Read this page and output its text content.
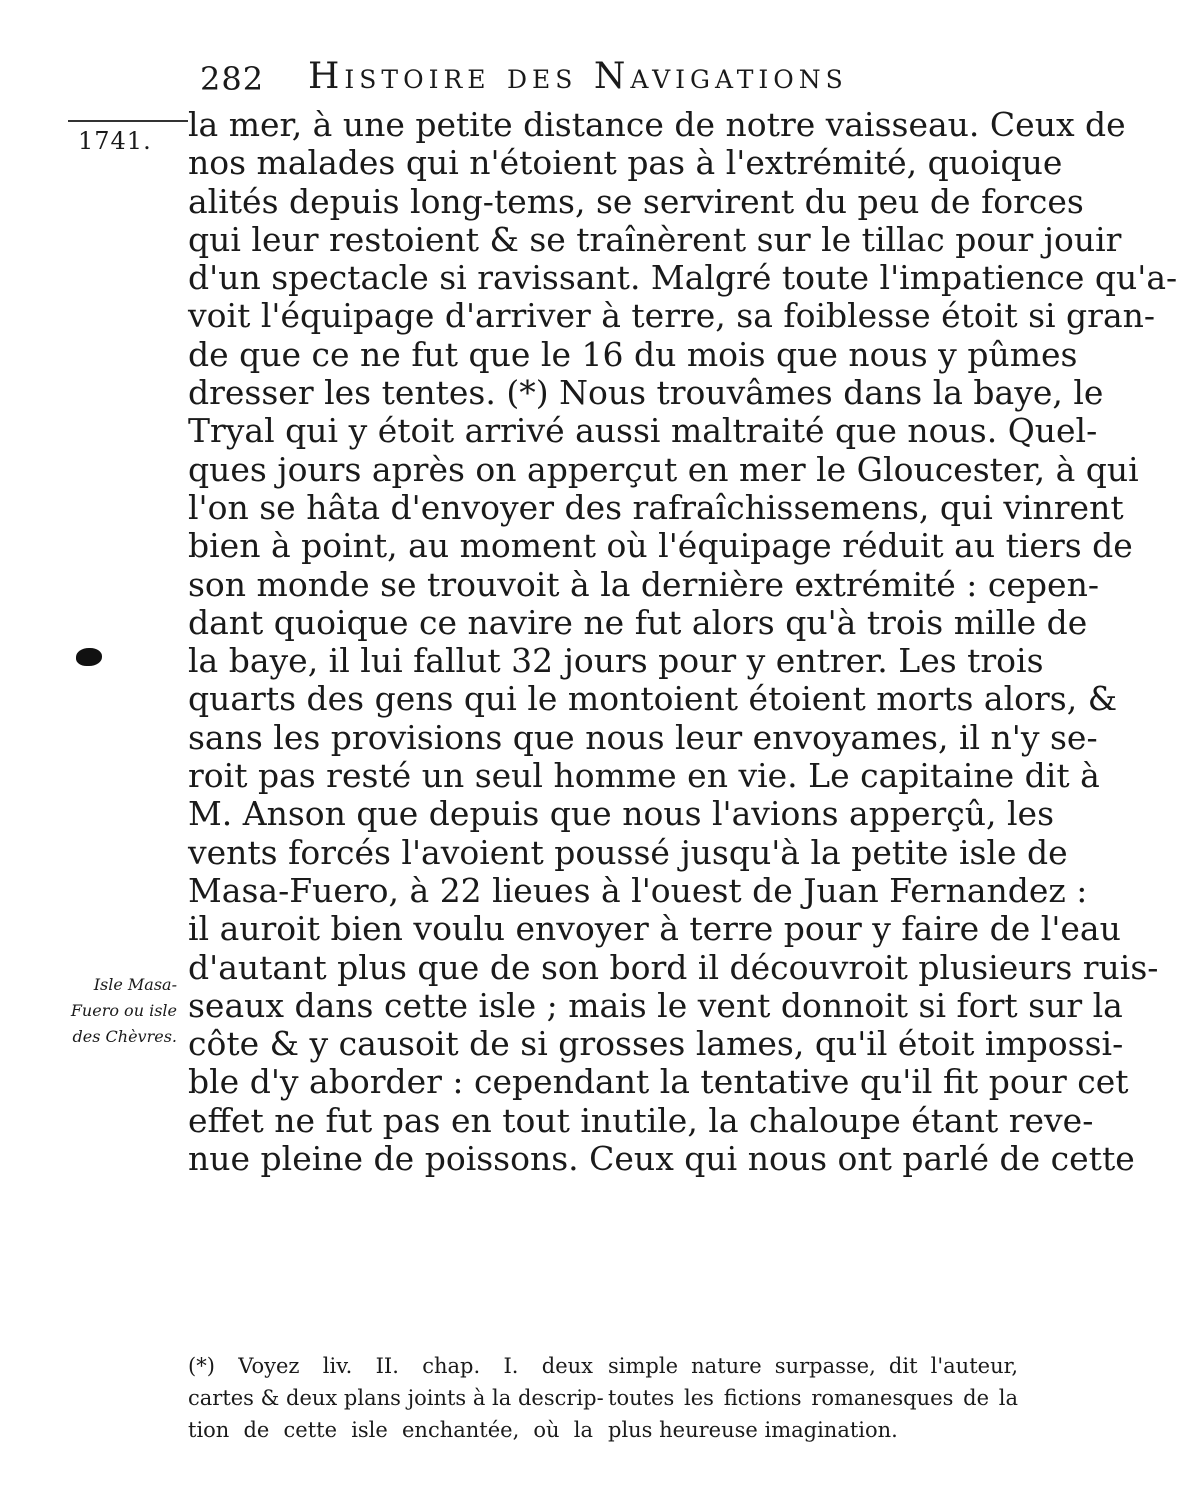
282 Histoire des Navigations
1741. la mer, à une petite distance de notre vaisseau. Ceux de
nos malades qui n'étoient pas à l'extrémité, quoique
alités depuis long-tems, se servirent du peu de forces
qui leur restoient & se traînèrent sur le tillac pour jouir
d'un spectacle si ravissant. Malgré toute l'impatience qu'a-
voit l'équipage d'arriver à terre, sa foiblesse étoit si gran-
de que ce ne fut que le 16 du mois que nous y pûmes
dresser les tentes. (*) Nous trouvâmes dans la baye, le
Tryal qui y étoit arrivé aussi maltraité que nous. Quel-
ques jours après on apperçut en mer le Gloucester, à qui
l'on se hâta d'envoyer des rafraîchissemens, qui vinrent
bien à point, au moment où l'équipage réduit au tiers de
son monde se trouvoit à la dernière extrémité : cepen-
dant quoique ce navire ne fut alors qu'à trois mille de
la baye, il lui fallut 32 jours pour y entrer. Les trois
quarts des gens qui le montoient étoient morts alors, &
sans les provisions que nous leur envoyames, il n'y se-
roit pas resté un seul homme en vie. Le capitaine dit à
M. Anson que depuis que nous l'avions apperçû, les
vents forcés l'avoient poussé jusqu'à la petite isle de
Masa-Fuero, à 22 lieues à l'ouest de Juan Fernandez :
il auroit bien voulu envoyer à terre pour y faire de l'eau
d'autant plus que de son bord il découvroit plusieurs ruis-
seaux dans cette isle ; mais le vent donnoit si fort sur la
côte & y causoit de si grosses lames, qu'il étoit impossi-
ble d'y aborder : cependant la tentative qu'il fit pour cet
effet ne fut pas en tout inutile, la chaloupe étant reve-
nue pleine de poissons. Ceux qui nous ont parlé de cette
Isle Masa-Fuero ou isle des Chèvres.
(*) Voyez liv. II. chap. I. deux
cartes & deux plans joints à la descrip-
tion de cette isle enchantée, où la
simple nature surpasse, dit l'auteur,
toutes les fictions romanesques de la
plus heureuse imagination.
